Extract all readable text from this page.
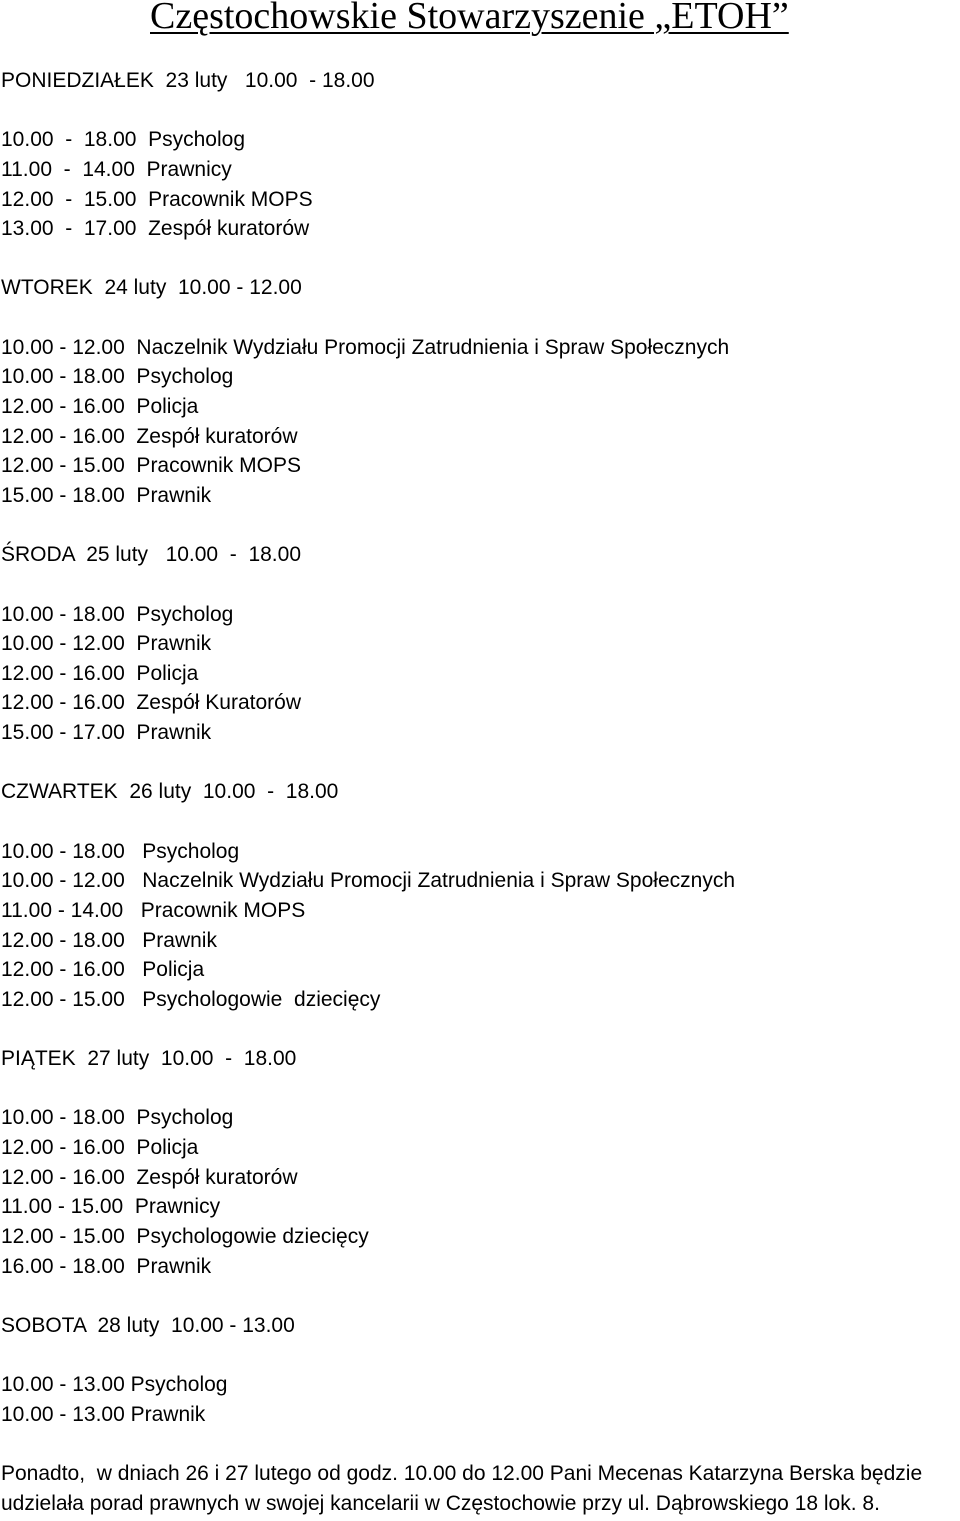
Częstochowskie Stowarzyszenie „ETOH”
PONIEDZIAŁEK  23 luty   10.00  - 18.00
10.00  -  18.00  Psycholog
11.00  -  14.00  Prawnicy
12.00  -  15.00  Pracownik MOPS
13.00  -  17.00  Zespół kuratorów
WTOREK  24 luty  10.00 - 12.00
10.00 - 12.00  Naczelnik Wydziału Promocji Zatrudnienia i Spraw Społecznych
10.00 - 18.00  Psycholog
12.00 - 16.00  Policja
12.00 - 16.00  Zespół kuratorów
12.00 - 15.00  Pracownik MOPS
15.00 - 18.00  Prawnik
ŚRODA  25 luty   10.00  -  18.00
10.00 - 18.00  Psycholog
10.00 - 12.00  Prawnik
12.00 - 16.00  Policja
12.00 - 16.00  Zespół Kuratorów
15.00 - 17.00  Prawnik
CZWARTEK  26 luty  10.00  -  18.00
10.00 - 18.00   Psycholog
10.00 - 12.00   Naczelnik Wydziału Promocji Zatrudnienia i Spraw Społecznych
11.00 - 14.00   Pracownik MOPS
12.00 - 18.00   Prawnik
12.00 - 16.00   Policja
12.00 - 15.00   Psychologowie  dziecięcy
PIĄTEK  27 luty  10.00  -  18.00
10.00 - 18.00  Psycholog
12.00 - 16.00  Policja
12.00 - 16.00  Zespół kuratorów
11.00 - 15.00  Prawnicy
12.00 - 15.00  Psychologowie dziecięcy
16.00 - 18.00  Prawnik
SOBOTA  28 luty  10.00 - 13.00
10.00 - 13.00 Psycholog
10.00 - 13.00 Prawnik
Ponadto,  w dniach 26 i 27 lutego od godz. 10.00 do 12.00 Pani Mecenas Katarzyna Berska będzie
udzielała porad prawnych w swojej kancelarii w Częstochowie przy ul. Dąbrowskiego 18 lok. 8.
